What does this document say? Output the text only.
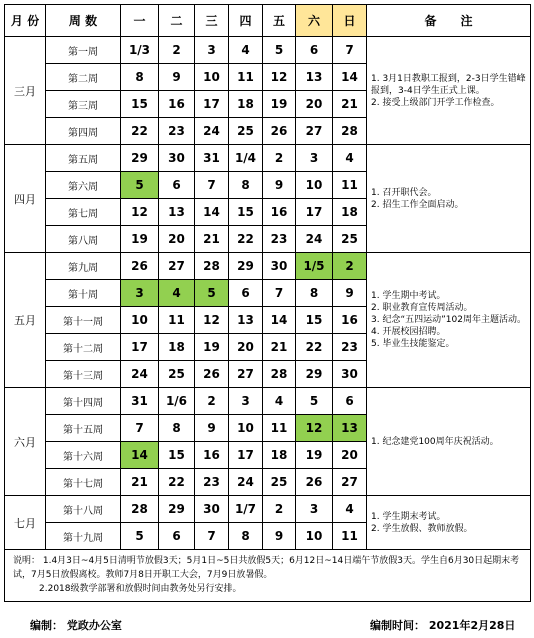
月 份	周 数	一	二	三	四	五	六	日	备　　注
三月	第一周	1/3	2	3	4	5	6	7	1. 3月1日教职工报到，2-3日学生错峰报到，3-4日学生正式上课。
2. 接受上级部门开学工作检查。

	第二周	8	9	10	11	12	13	14	
	第三周	15	16	17	18	19	20	21	
	第四周	22	23	24	25	26	27	28	
四月	第五周	29	30	31	1/4	2	3	4	1. 召开职代会。
2. 招生工作全面启动。

	第六周	5	6	7	8	9	10	11	
	第七周	12	13	14	15	16	17	18	
	第八周	19	20	21	22	23	24	25	
五月	第九周	26	27	28	29	30	1/5	2	1. 学生期中考试。
2. 职业教育宣传周活动。
3. 纪念“五四运动”102周年主题活动。
4. 开展校园招聘。
5. 毕业生技能鉴定。

	第十周	3	4	5	6	7	8	9	
	第十一周	10	11	12	13	14	15	16	
	第十二周	17	18	19	20	21	22	23	
	第十三周	24	25	26	27	28	29	30	
六月	第十四周	31	1/6	2	3	4	5	6	1. 纪念建党100周年庆祝活动。

	第十五周	7	8	9	10	11	12	13	
	第十六周	14	15	16	17	18	19	20	
	第十七周	21	22	23	24	25	26	27	
七月	第十八周	28	29	30	1/7	2	3	4	1. 学生期末考试。
2. 学生放假、教师放假。

	第十九周	5	6	7	8	9	10	11	

说明： 1.4月3日~4月5日清明节放假3天；5月1日~5日共放假5天；6月12日~14日端午节放假3天。学生自6月30日起期末考试，7月5日放假离校。教师7月8日开职工大会，7月9日放暑假。
2.2018级教学部署和放假时间由教务处另行安排。									
编制： 党政办公室	编制时间： 2021年2月28日
